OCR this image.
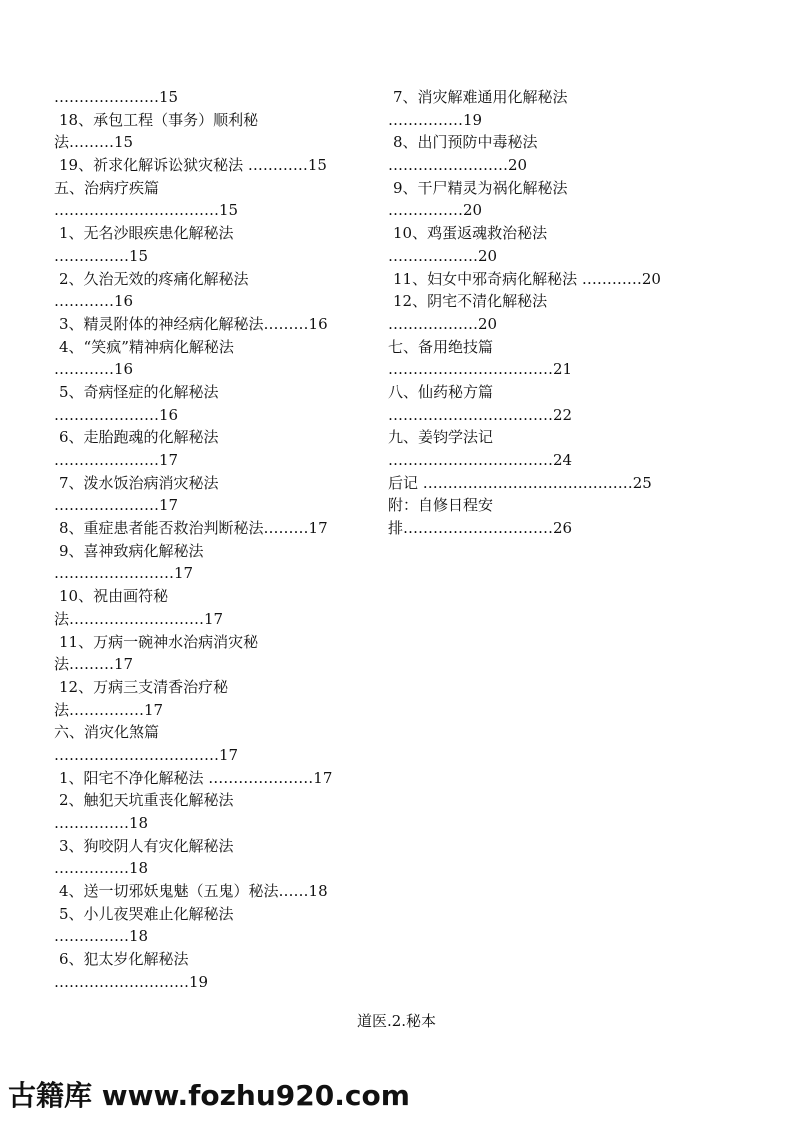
…………………15
18、承包工程（事务）顺利秘
法………15
19、祈求化解诉讼狱灾秘法 …………15
五、治病疗疾篇
……………………………15
1、无名沙眼疾患化解秘法
……………15
2、久治无效的疼痛化解秘法
…………16
3、精灵附体的神经病化解秘法………16
4、“笑疯”精神病化解秘法
…………16
5、奇病怪症的化解秘法
…………………16
6、走胎跑魂的化解秘法
…………………17
7、泼水饭治病消灾秘法
…………………17
8、重症患者能否救治判断秘法………17
9、喜神致病化解秘法
……………………17
10、祝由画符秘
法………………………17
11、万病一碗神水治病消灾秘
法………17
12、万病三支清香治疗秘
法……………17
六、消灾化煞篇
……………………………17
1、阳宅不净化解秘法 …………………17
2、触犯天坑重丧化解秘法
……………18
3、狗咬阴人有灾化解秘法
……………18
4、送一切邪妖鬼魅（五鬼）秘法……18
5、小儿夜哭难止化解秘法
……………18
6、犯太岁化解秘法
………………………19
7、消灾解难通用化解秘法
……………19
8、出门预防中毒秘法
……………………20
9、干尸精灵为祸化解秘法
……………20
10、鸡蛋返魂救治秘法
………………20
11、妇女中邪奇病化解秘法 …………20
12、阴宅不清化解秘法
………………20
七、备用绝技篇
……………………………21
八、仙药秘方篇
……………………………22
九、姜钧学法记
……………………………24
后记 ……………………………………25
附：自修日程安
排…………………………26
道医.2.秘本
古籍库 www.fozhu920.com
